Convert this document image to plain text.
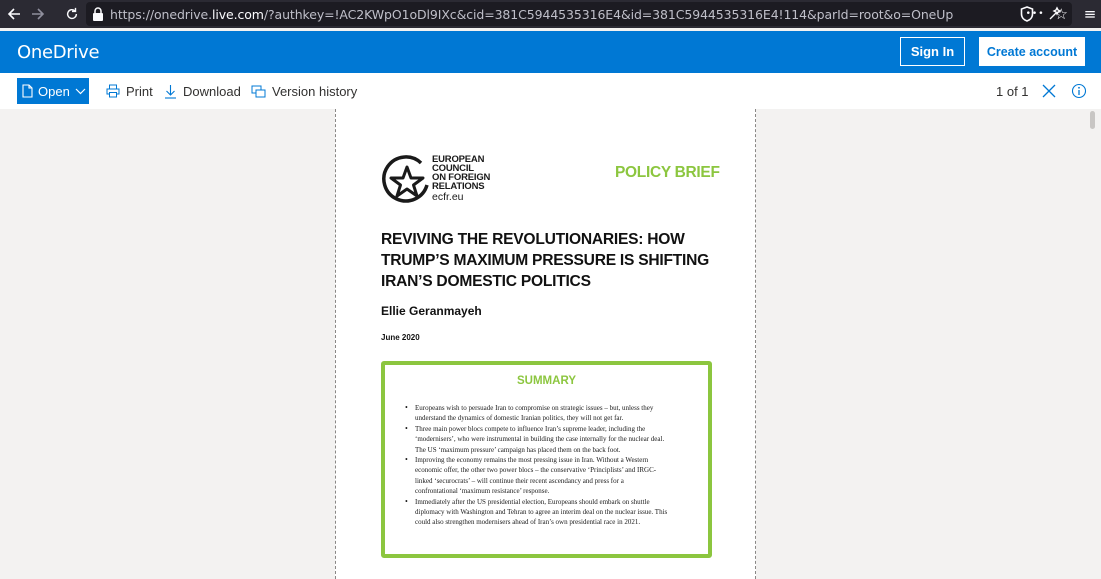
https://onedrive.live.com/?authkey=!AC2KWpO1oDl9IXc&cid=381C5944535316E4&id=381C5944535316E4!114&parId=root&o=OneUp	••• ☆ ≡
OneDrive	Sign In	Create account
Open	Print Download Version history	1 of 1
EUROPEAN
COUNCIL
ON FOREIGN
RELATIONS
ecfr.eu
POLICY BRIEF
REVIVING THE REVOLUTIONARIES: HOW
TRUMP’S MAXIMUM PRESSURE IS SHIFTING
IRAN’S DOMESTIC POLITICS
Ellie Geranmayeh
June 2020
SUMMARY
• Europeans wish to persuade Iran to compromise on strategic issues – but, unless they
understand the dynamics of domestic Iranian politics, they will not get far.
• Three main power blocs compete to influence Iran’s supreme leader, including the
‘modernisers’, who were instrumental in building the case internally for the nuclear deal.
The US ‘maximum pressure’ campaign has placed them on the back foot.
• Improving the economy remains the most pressing issue in Iran. Without a Western
economic offer, the other two power blocs – the conservative ‘Principlists’ and IRGC-
linked ‘securocrats’ – will continue their recent ascendancy and press for a
confrontational ‘maximum resistance’ response.
• Immediately after the US presidential election, Europeans should embark on shuttle
diplomacy with Washington and Tehran to agree an interim deal on the nuclear issue. This
could also strengthen modernisers ahead of Iran’s own presidential race in 2021.
